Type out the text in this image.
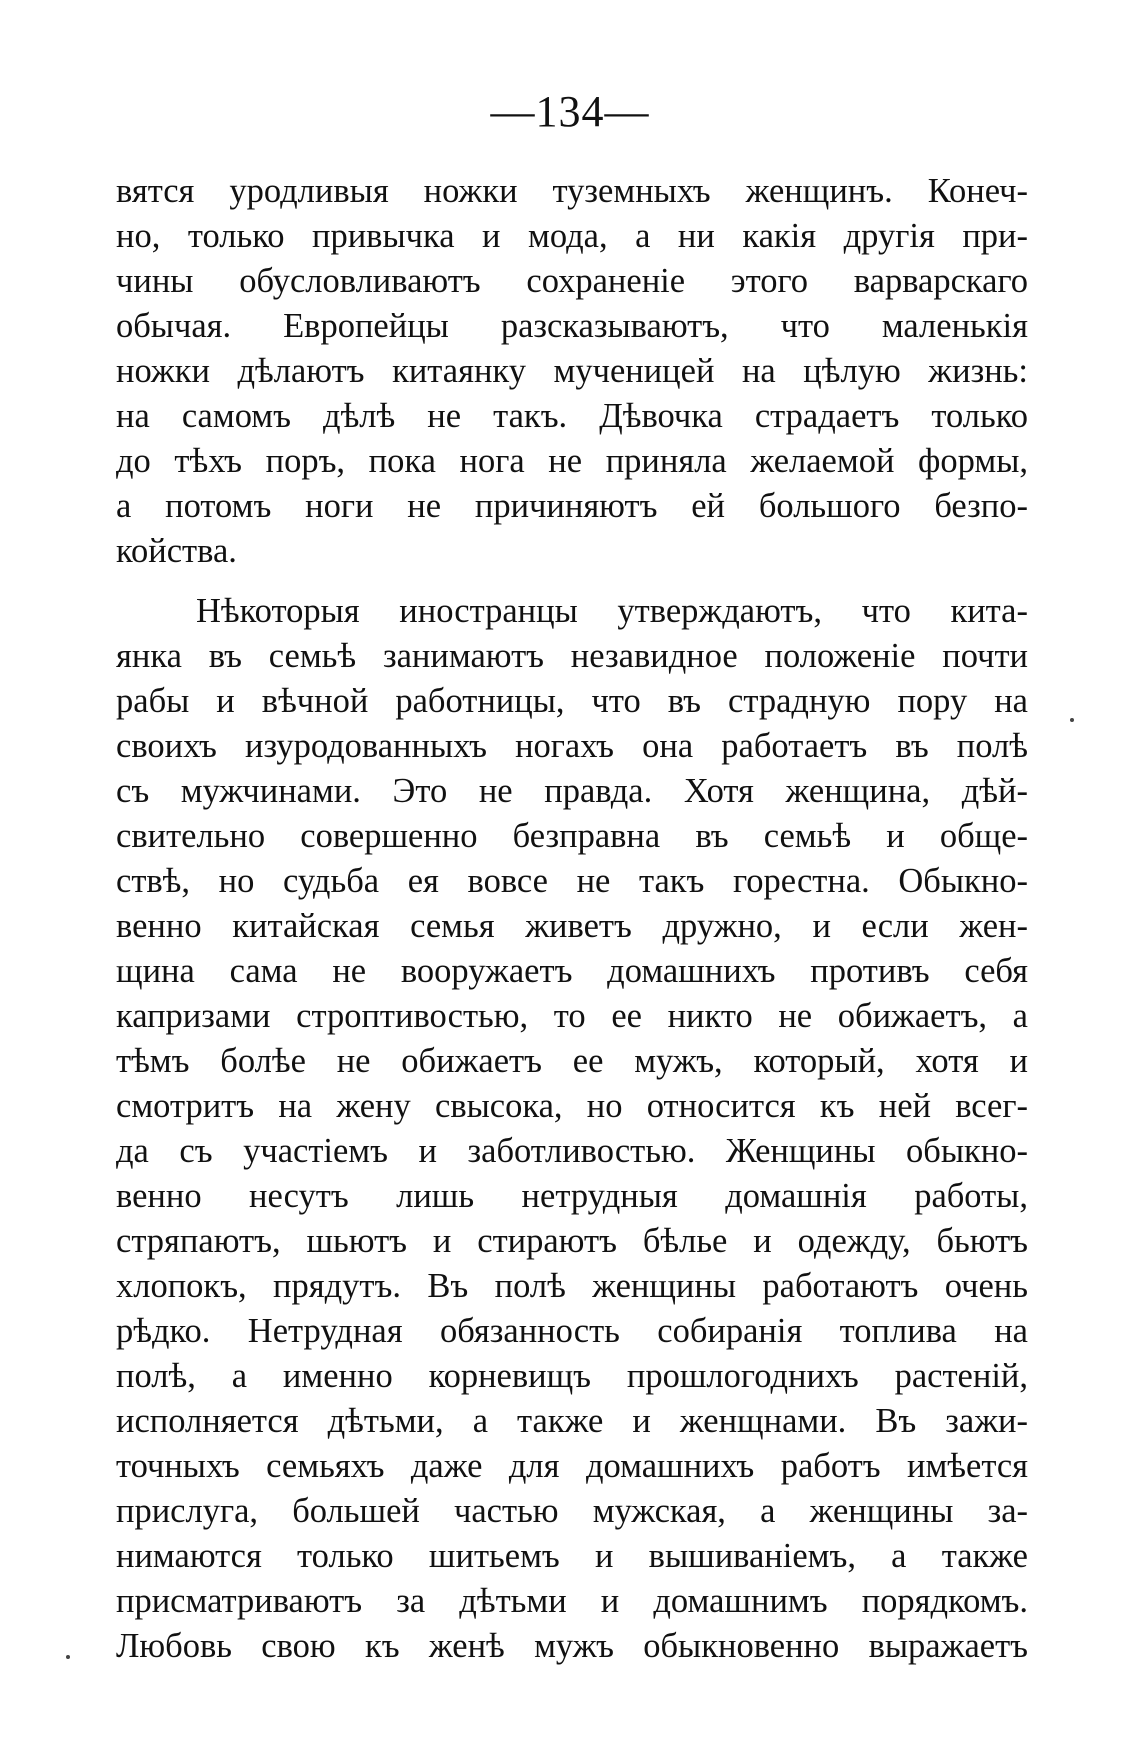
—134—
вятся уродливыя ножки туземныхъ женщинъ. Конеч-
но, только привычка и мода, а ни какія другія при-
чины обусловливаютъ сохраненіе этого варварскаго
обычая. Европейцы разсказываютъ, что маленькія
ножки дѣлаютъ китаянку мученицей на цѣлую жизнь:
на самомъ дѣлѣ не такъ. Дѣвочка страдаетъ только
до тѣхъ поръ, пока нога не приняла желаемой формы,
а потомъ ноги не причиняютъ ей большого безпо-
койства.
Нѣкоторыя иностранцы утверждаютъ, что кита-
янка въ семьѣ занимаютъ незавидное положеніе почти
рабы и вѣчной работницы, что въ страдную пору на
своихъ изуродованныхъ ногахъ она работаетъ въ полѣ
съ мужчинами. Это не правда. Хотя женщина, дѣй-
свительно совершенно безправна въ семьѣ и обще-
ствѣ, но судьба ея вовсе не такъ горестна. Обыкно-
венно китайская семья живетъ дружно, и если жен-
щина сама не вооружаетъ домашнихъ противъ себя
капризами строптивостью, то ее никто не обижаетъ, а
тѣмъ болѣе не обижаетъ ее мужъ, который, хотя и
смотритъ на жену свысока, но относится къ ней всег-
да съ участіемъ и заботливостью. Женщины обыкно-
венно несутъ лишь нетрудныя домашнія работы,
стряпаютъ, шьютъ и стираютъ бѣлье и одежду, бьютъ
хлопокъ, прядутъ. Въ полѣ женщины работаютъ очень
рѣдко. Нетрудная обязанность собиранія топлива на
полѣ, а именно корневищъ прошлогоднихъ растеній,
исполняется дѣтьми, а также и женщнами. Въ зажи-
точныхъ семьяхъ даже для домашнихъ работъ имѣется
прислуга, большей частью мужская, а женщины за-
нимаются только шитьемъ и вышиваніемъ, а также
присматриваютъ за дѣтьми и домашнимъ порядкомъ.
Любовь свою къ женѣ мужъ обыкновенно выражаетъ
